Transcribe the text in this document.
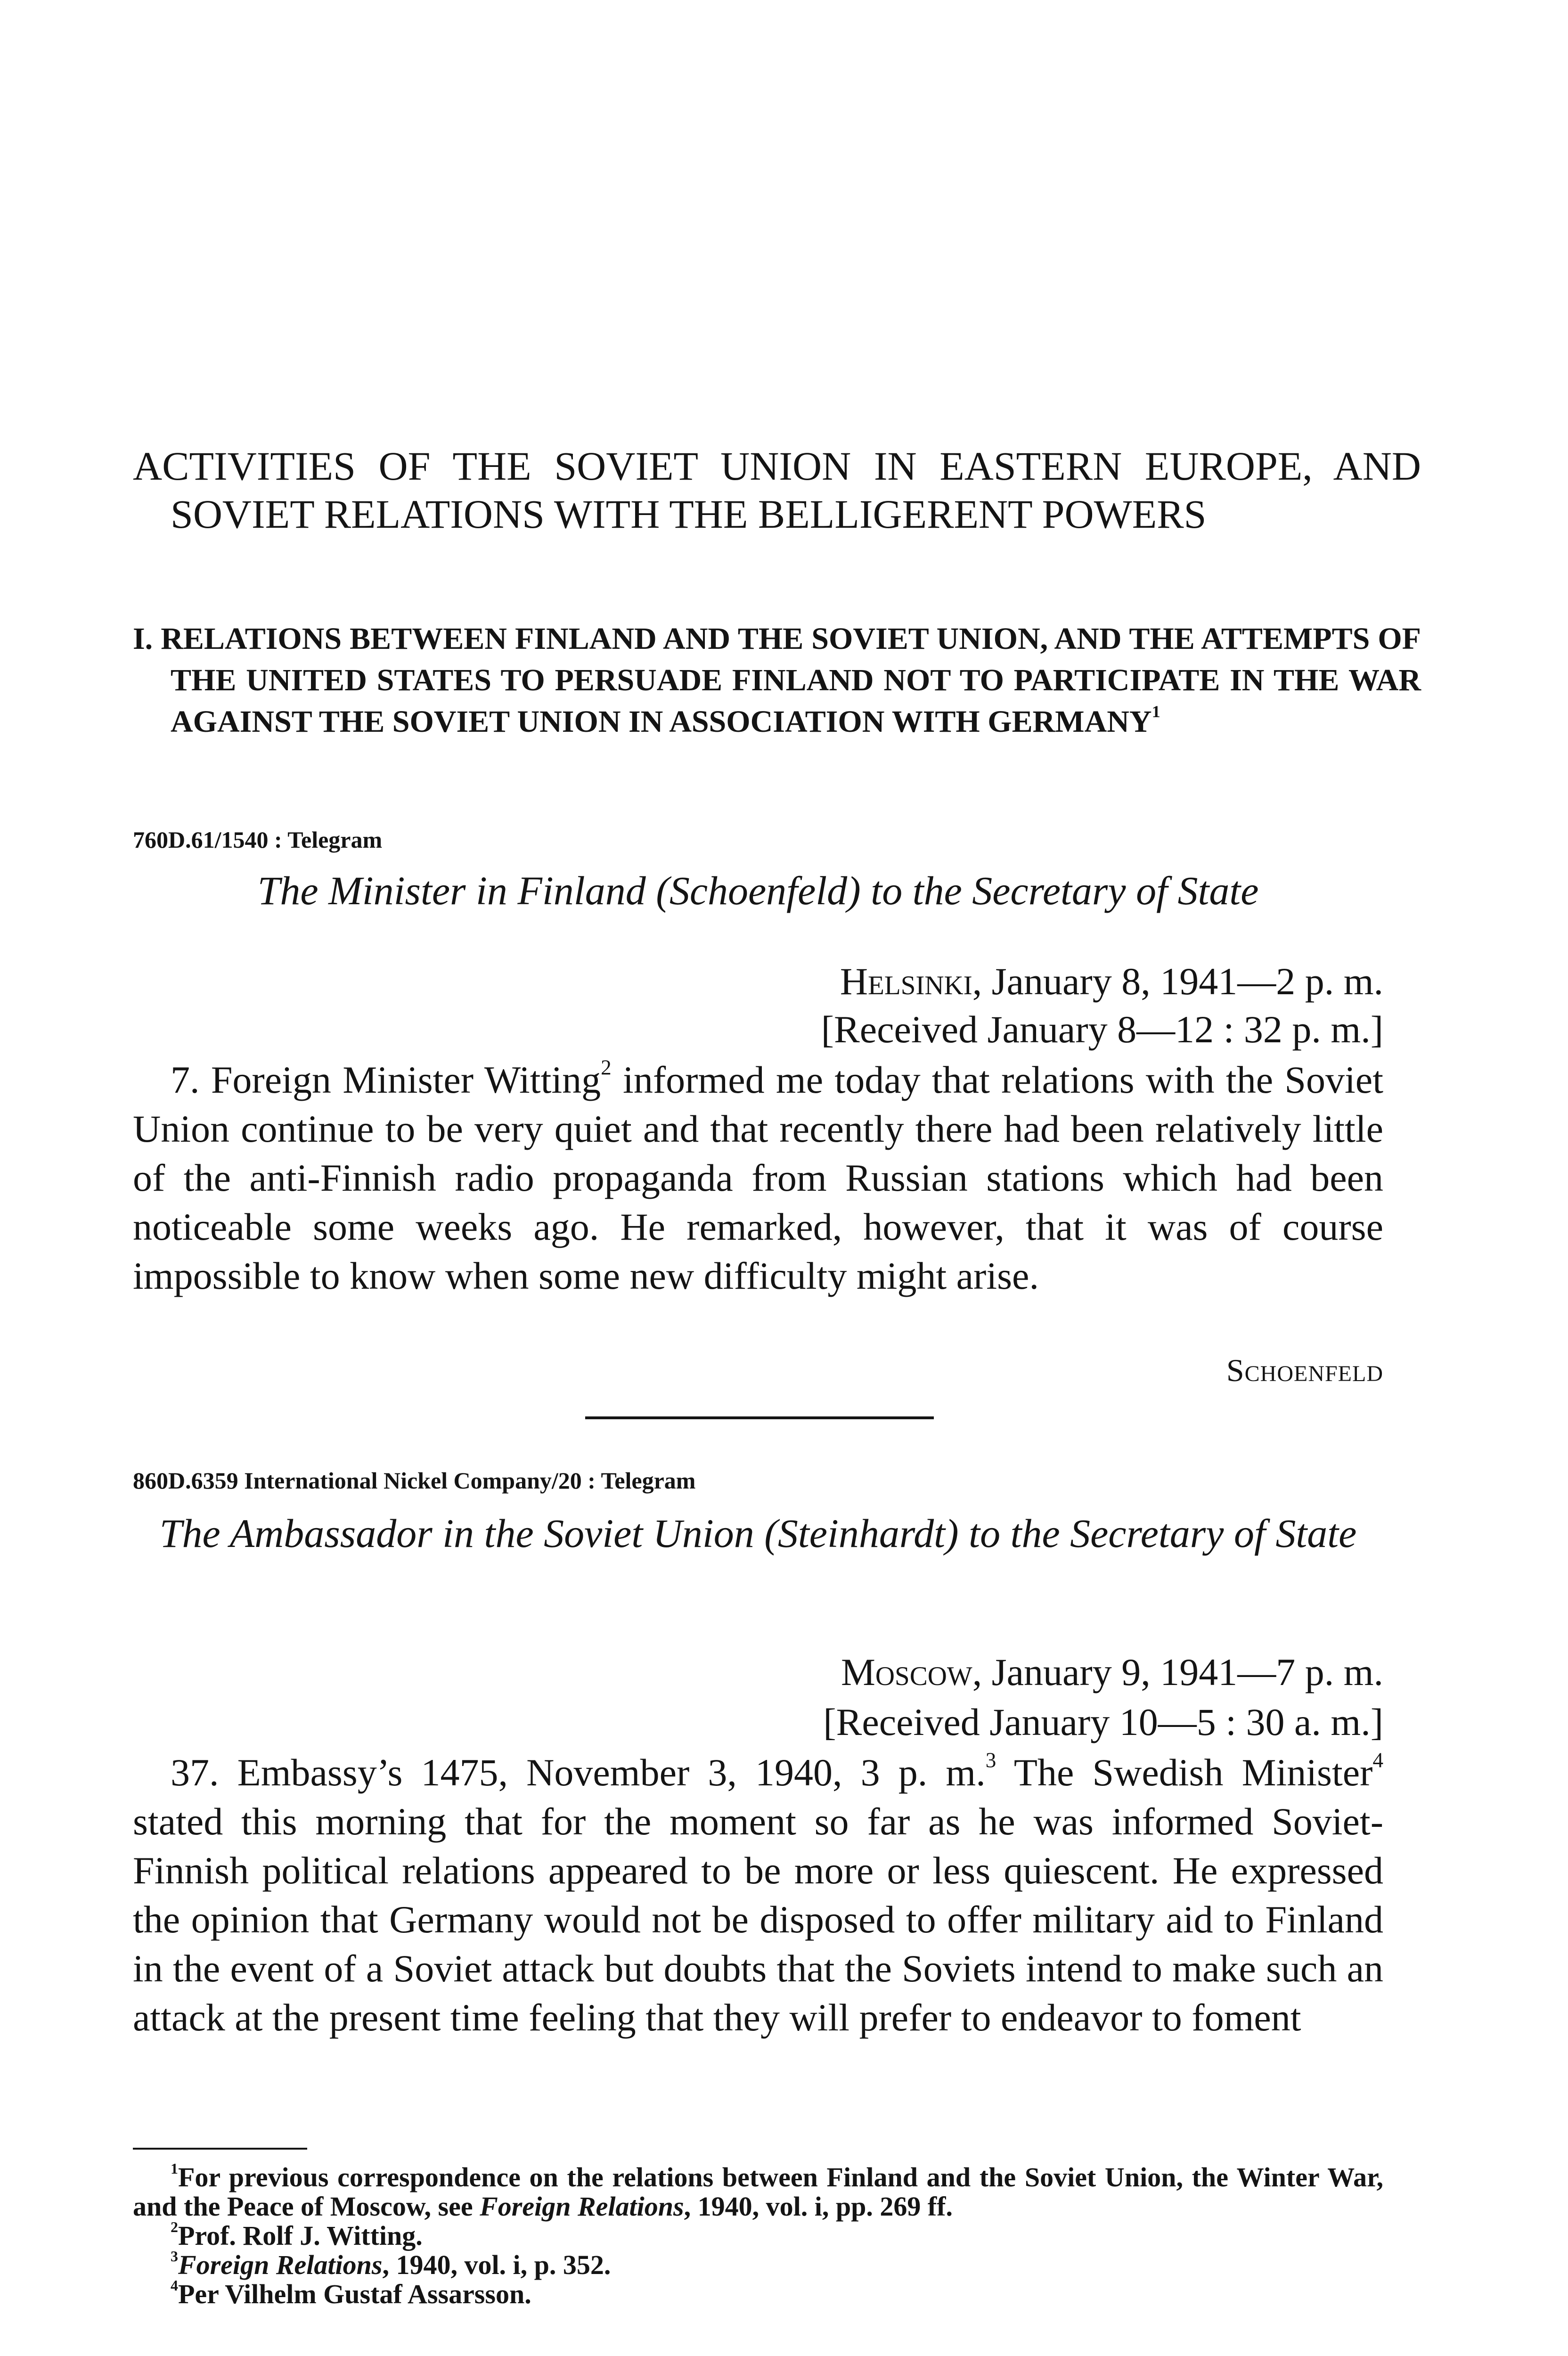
ACTIVITIES OF THE SOVIET UNION IN EASTERN EUROPE, AND SOVIET RELATIONS WITH THE BELLIGERENT POWERS
I. RELATIONS BETWEEN FINLAND AND THE SOVIET UNION, AND THE ATTEMPTS OF THE UNITED STATES TO PERSUADE FINLAND NOT TO PARTICIPATE IN THE WAR AGAINST THE SOVIET UNION IN ASSOCIATION WITH GERMANY$^1$
760D.61/1540 : Telegram
The Minister in Finland (Schoenfeld) to the Secretary of State
Helsinki, January 8, 1941—2 p. m.
[Received January 8—12 : 32 p. m.]
7. Foreign Minister Witting$^2$ informed me today that relations with the Soviet Union continue to be very quiet and that recently there had been relatively little of the anti-Finnish radio propaganda from Russian stations which had been noticeable some weeks ago. He remarked, however, that it was of course impossible to know when some new difficulty might arise.
Schoenfeld
860D.6359 International Nickel Company/20 : Telegram
The Ambassador in the Soviet Union (Steinhardt) to the Secretary of State
Moscow, January 9, 1941—7 p. m.
[Received January 10—5 : 30 a. m.]
37. Embassy’s 1475, November 3, 1940, 3 p. m.$^3$ The Swedish Minister$^4$ stated this morning that for the moment so far as he was informed Soviet-Finnish political relations appeared to be more or less quiescent. He expressed the opinion that Germany would not be disposed to offer military aid to Finland in the event of a Soviet attack but doubts that the Soviets intend to make such an attack at the present time feeling that they will prefer to endeavor to foment
$^1$For previous correspondence on the relations between Finland and the Soviet Union, the Winter War, and the Peace of Moscow, see Foreign Relations, 1940, vol. i, pp. 269 ff.
$^2$Prof. Rolf J. Witting.
$^3$Foreign Relations, 1940, vol. i, p. 352.
$^4$Per Vilhelm Gustaf Assarsson.
